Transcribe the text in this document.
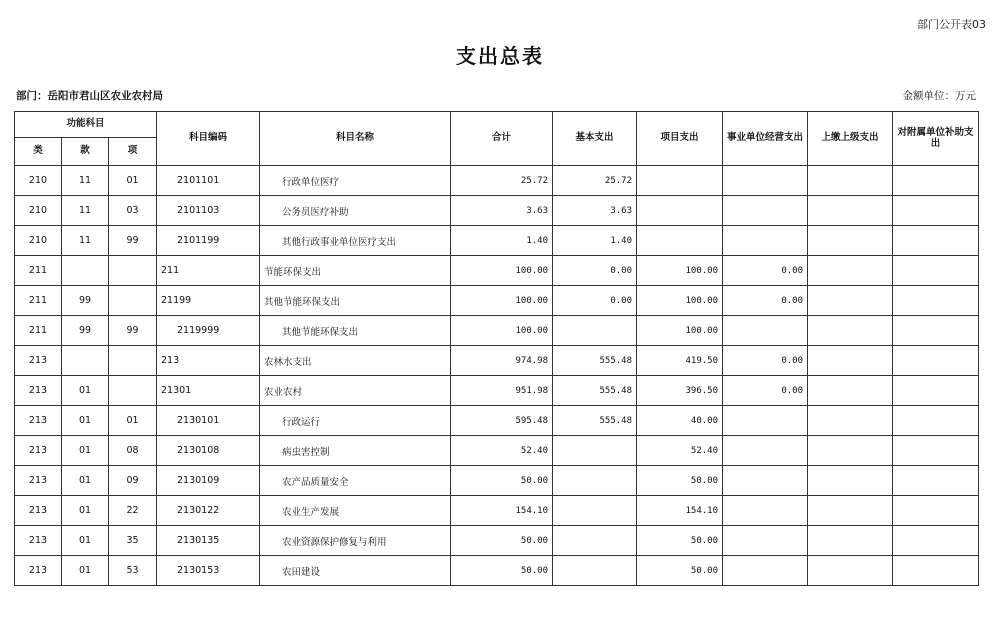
部门公开表03
支出总表
部门：岳阳市君山区农业农村局	金额单位：万元
功能科目			科目编码	科目名称	合计	基本支出	项目支出	事业单位经营支出	上缴上级支出	对附属单位补助支出
类	款	项								
210	11	01	2101101	行政单位医疗	25.72	25.72				
210	11	03	2101103	公务员医疗补助	3.63	3.63				
210	11	99	2101199	其他行政事业单位医疗支出	1.40	1.40				
211			211	节能环保支出	100.00	0.00	100.00	0.00		
211	99		21199	其他节能环保支出	100.00	0.00	100.00	0.00		
211	99	99	2119999	其他节能环保支出	100.00		100.00			
213			213	农林水支出	974.98	555.48	419.50	0.00		
213	01		21301	农业农村	951.98	555.48	396.50	0.00		
213	01	01	2130101	行政运行	595.48	555.48	40.00			
213	01	08	2130108	病虫害控制	52.40		52.40			
213	01	09	2130109	农产品质量安全	50.00		50.00			
213	01	22	2130122	农业生产发展	154.10		154.10			
213	01	35	2130135	农业资源保护修复与利用	50.00		50.00			
213	01	53	2130153	农田建设	50.00		50.00			
